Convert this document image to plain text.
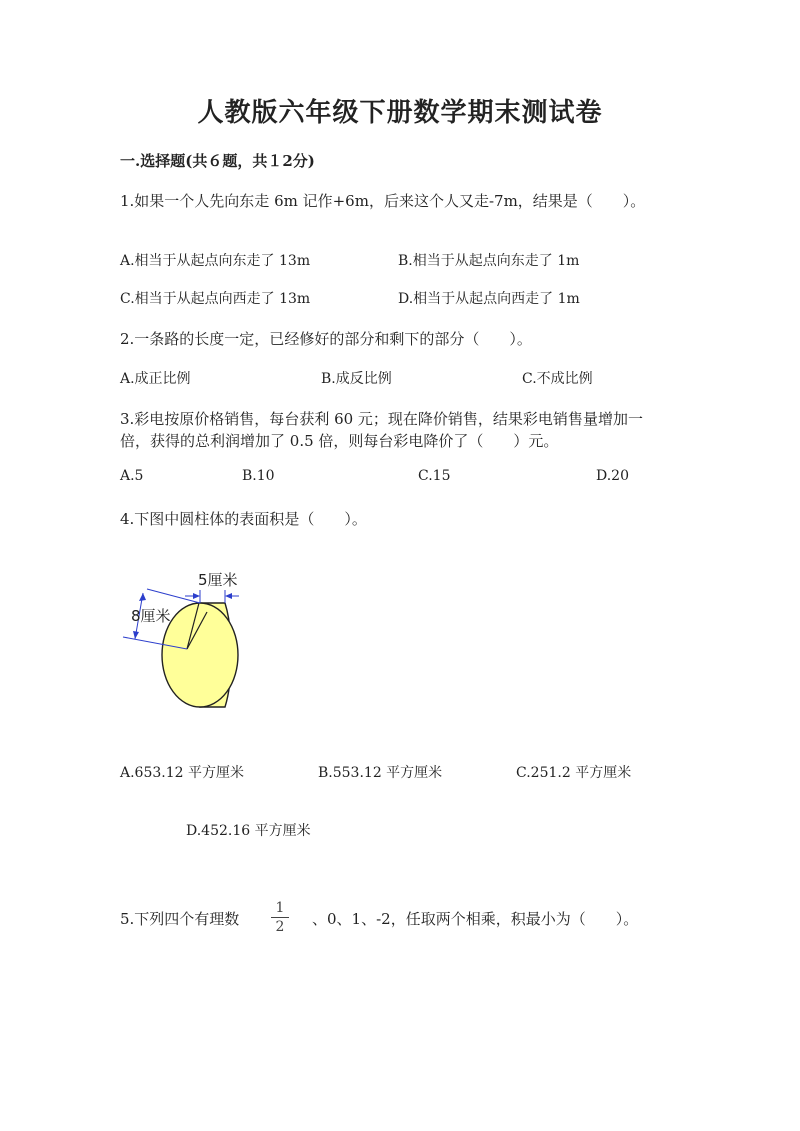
人教版六年级下册数学期末测试卷
一.选择题(共６题，共１2分)
1.如果一个人先向东走 6m 记作+6m，后来这个人又走-7m，结果是（　　）。
A.相当于从起点向东走了 13m	B.相当于从起点向东走了 1m
C.相当于从起点向西走了 13m	D.相当于从起点向西走了 1m
2.一条路的长度一定，已经修好的部分和剩下的部分（　　）。
A.成正比例	B.成反比例	C.不成比例
3.彩电按原价格销售，每台获利 60 元；现在降价销售，结果彩电销售量增加一
倍，获得的总利润增加了 0.5 倍，则每台彩电降价了（　　）元。
A.5	B.10	C.15	D.20
4.下图中圆柱体的表面积是（　　）。
8厘米
5厘米
A.653.12 平方厘米	B.553.12 平方厘米	C.251.2 平方厘米
D.452.16 平方厘米
5.下列四个有理数
1
2	、0、1、-2，任取两个相乘，积最小为（　　）。
